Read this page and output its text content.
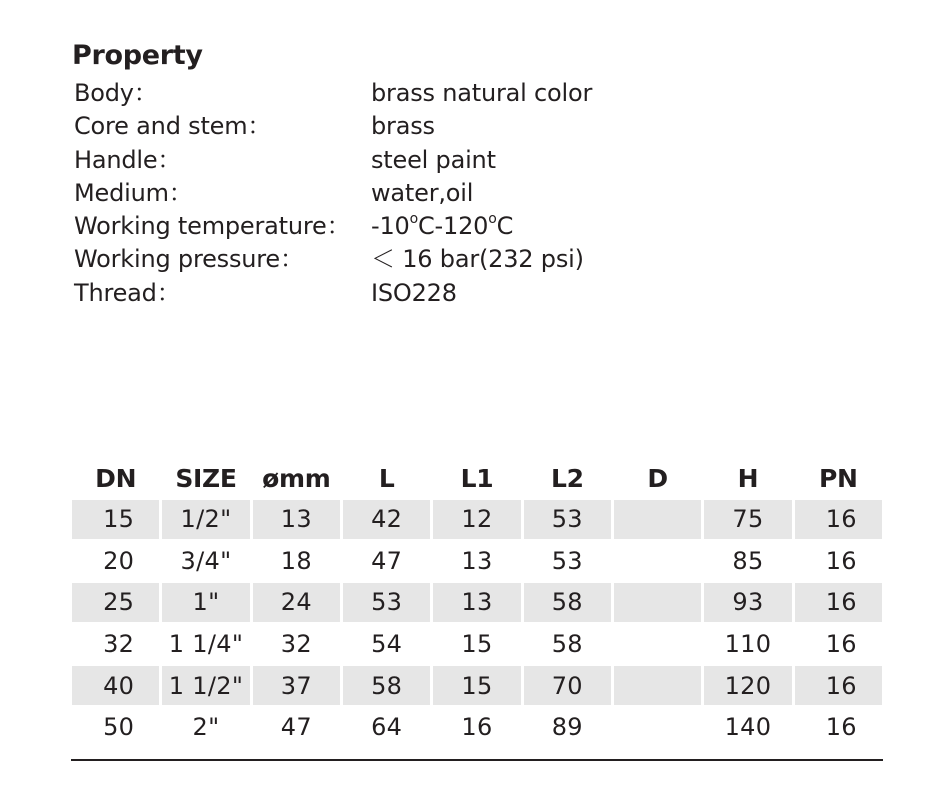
Property
Body：	brass natural color
Core and stem：	brass
Handle：	steel paint
Medium：	water,oil
Working temperature： -10$^o$C-120$^o$C
Working pressure：	＜ 16 bar(232 psi)
Thread：	ISO228
DN	SIZE	ømm	L	L1	L2	D	H	PN
15	1/2"	13	42	12	53		75	16
20	3/4"	18	47	13	53		85	16
25	1"	24	53	13	58		93	16
32	1 1/4"	32	54	15	58		110	16
40	1 1/2"	37	58	15	70		120	16
50	2"	47	64	16	89		140	16
